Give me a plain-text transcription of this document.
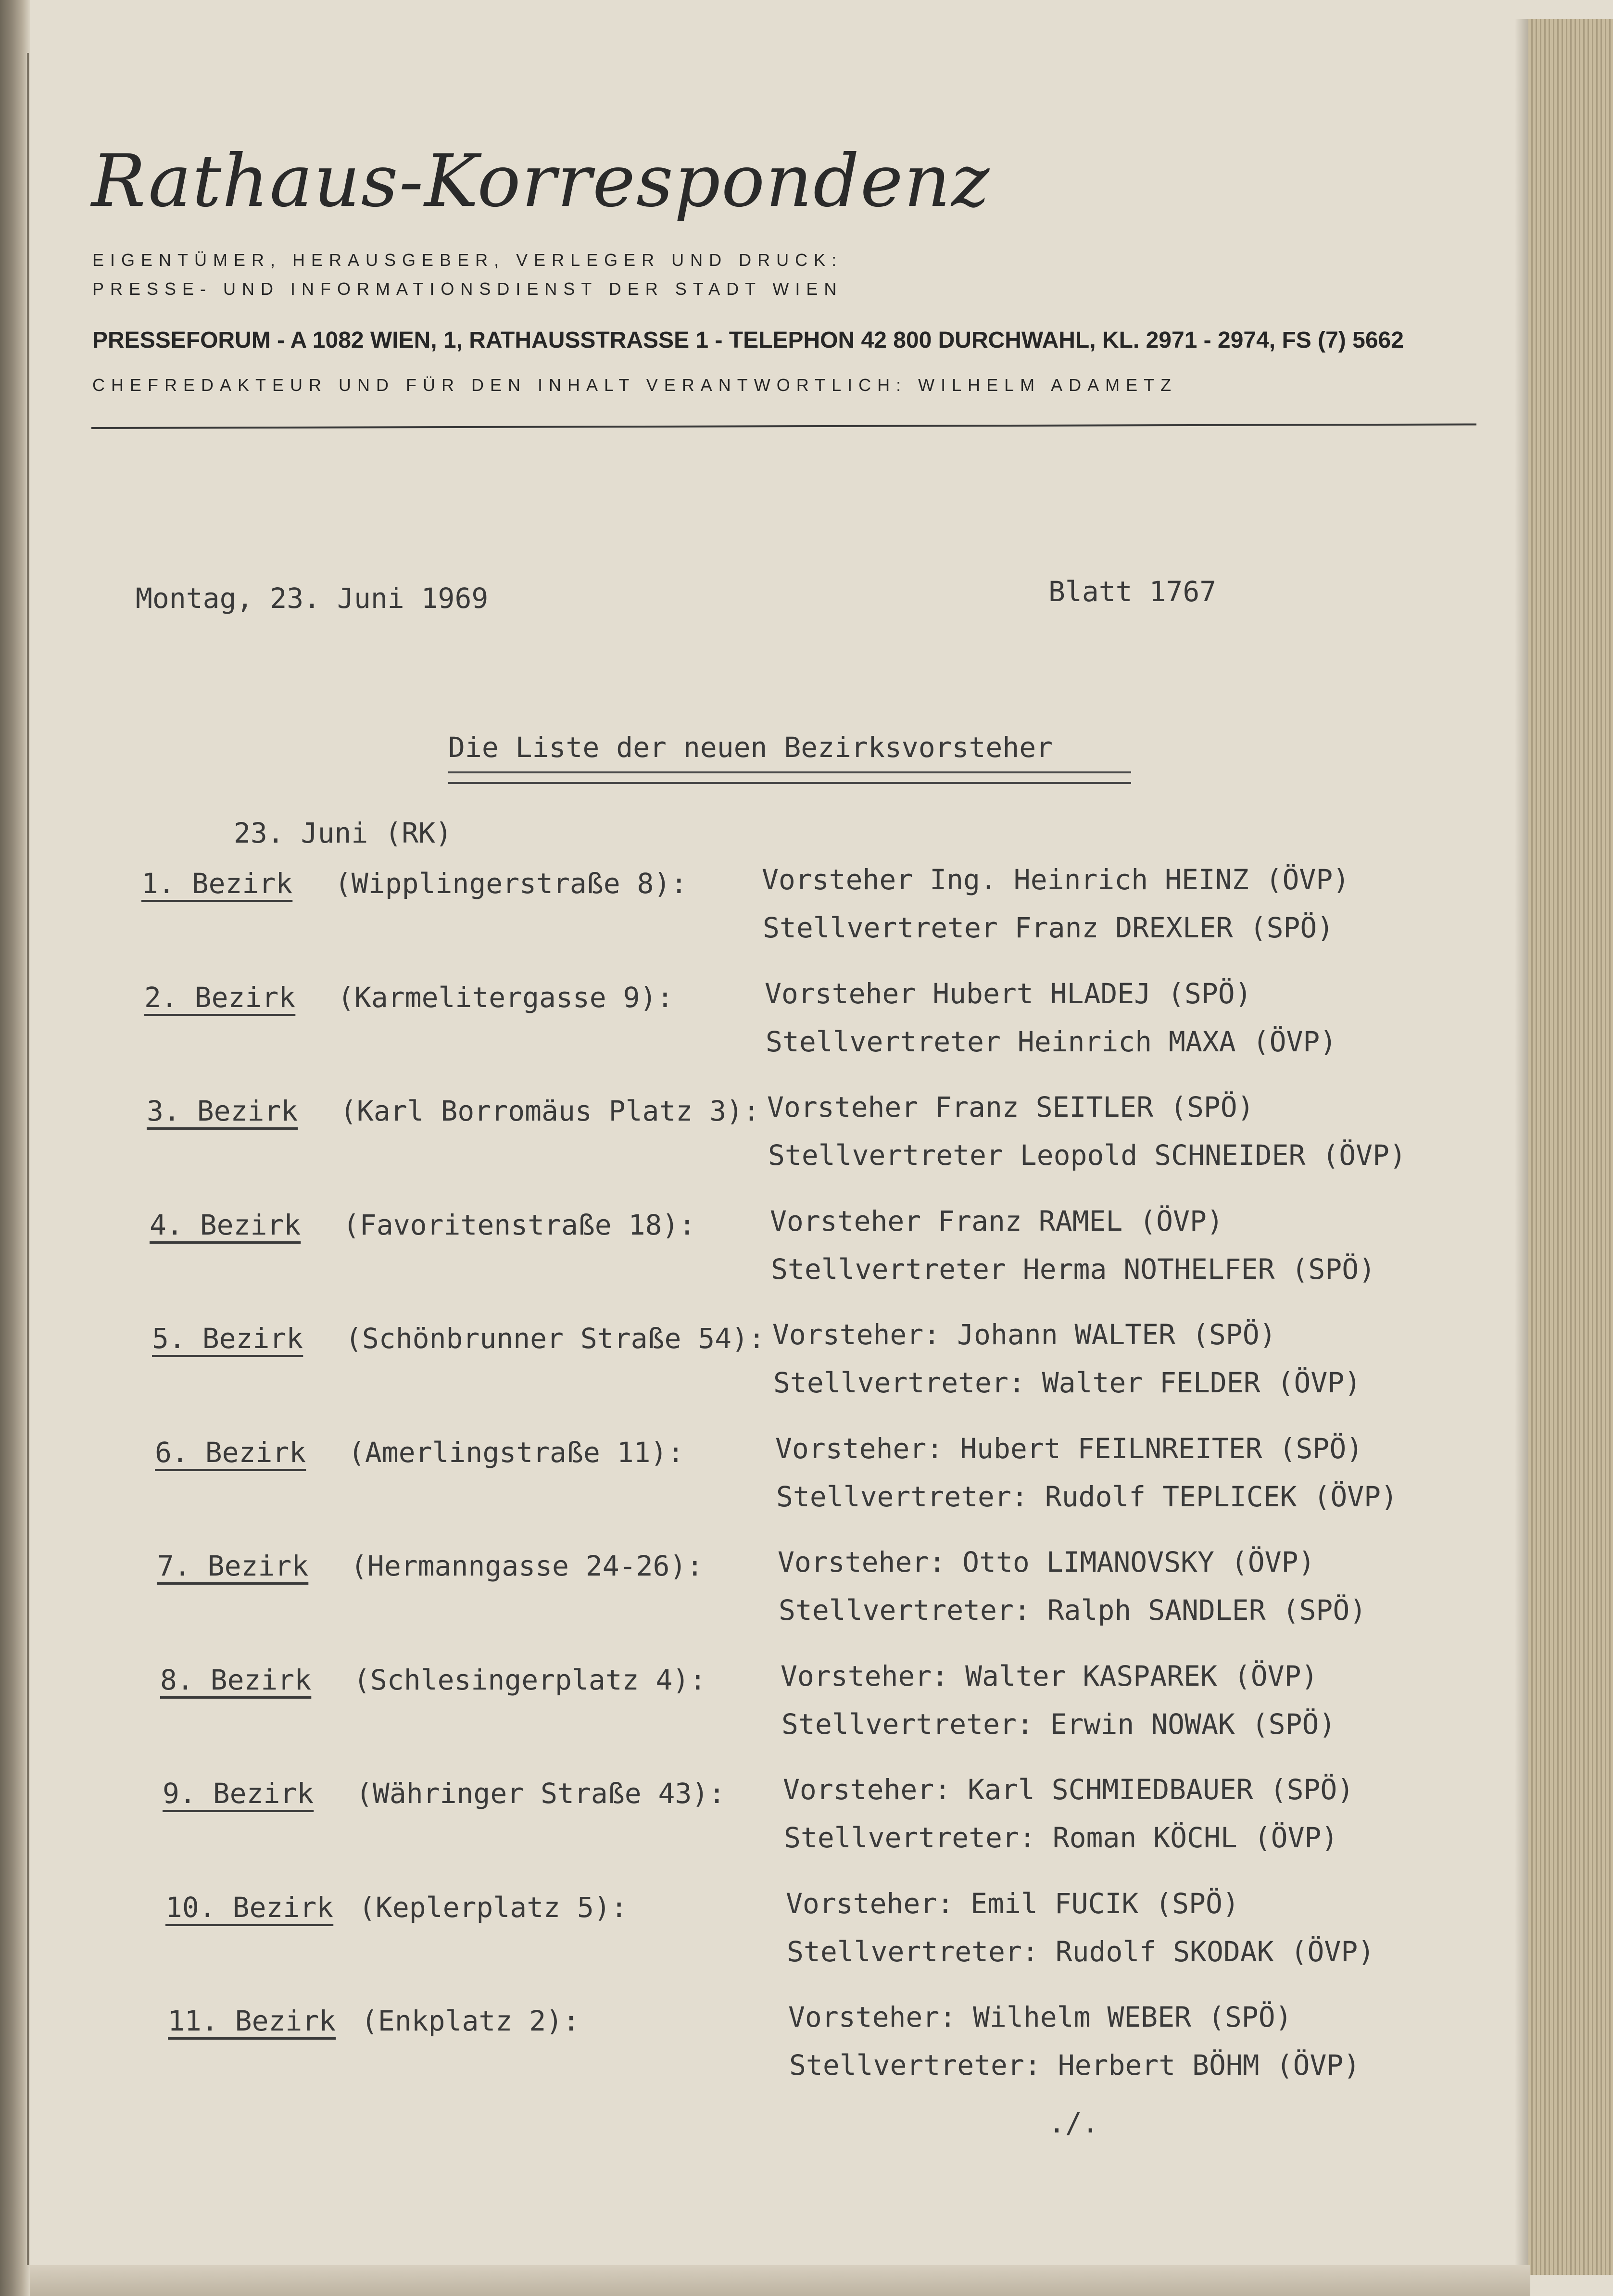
Rathaus-Korrespondenz
EIGENTÜMER, HERAUSGEBER, VERLEGER UND DRUCK:
PRESSE- UND INFORMATIONSDIENST DER STADT WIEN
PRESSEFORUM - A 1082 WIEN, 1, RATHAUSSTRASSE 1 - TELEPHON 42 800 DURCHWAHL, KL. 2971 - 2974, FS (7) 5662
CHEFREDAKTEUR UND FÜR DEN INHALT VERANTWORTLICH: WILHELM ADAMETZ
Montag, 23. Juni 1969	Blatt 1767
Die Liste der neuen Bezirksvorsteher
23. Juni (RK)
1. Bezirk (Wipplingerstraße 8):	Vorsteher Ing. Heinrich HEINZ (ÖVP)
Stellvertreter Franz DREXLER (SPÖ)
2. Bezirk (Karmelitergasse 9):	Vorsteher Hubert HLADEJ (SPÖ)
Stellvertreter Heinrich MAXA (ÖVP)
3. Bezirk (Karl Borromäus Platz 3): Vorsteher Franz SEITLER (SPÖ)
Stellvertreter Leopold SCHNEIDER (ÖVP)
4. Bezirk (Favoritenstraße 18):	Vorsteher Franz RAMEL (ÖVP)
Stellvertreter Herma NOTHELFER (SPÖ)
5. Bezirk (Schönbrunner Straße 54): Vorsteher: Johann WALTER (SPÖ)
Stellvertreter: Walter FELDER (ÖVP)
6. Bezirk (Amerlingstraße 11):	Vorsteher: Hubert FEILNREITER (SPÖ)
Stellvertreter: Rudolf TEPLICEK (ÖVP)
7. Bezirk (Hermanngasse 24-26):	Vorsteher: Otto LIMANOVSKY (ÖVP)
Stellvertreter: Ralph SANDLER (SPÖ)
8. Bezirk (Schlesingerplatz 4):	Vorsteher: Walter KASPAREK (ÖVP)
Stellvertreter: Erwin NOWAK (SPÖ)
9. Bezirk (Währinger Straße 43): Vorsteher: Karl SCHMIEDBAUER (SPÖ)
Stellvertreter: Roman KÖCHL (ÖVP)
10. Bezirk (Keplerplatz 5):	Vorsteher: Emil FUCIK (SPÖ)
Stellvertreter: Rudolf SKODAK (ÖVP)
11. Bezirk (Enkplatz 2):	Vorsteher: Wilhelm WEBER (SPÖ)
Stellvertreter: Herbert BÖHM (ÖVP)
./.
